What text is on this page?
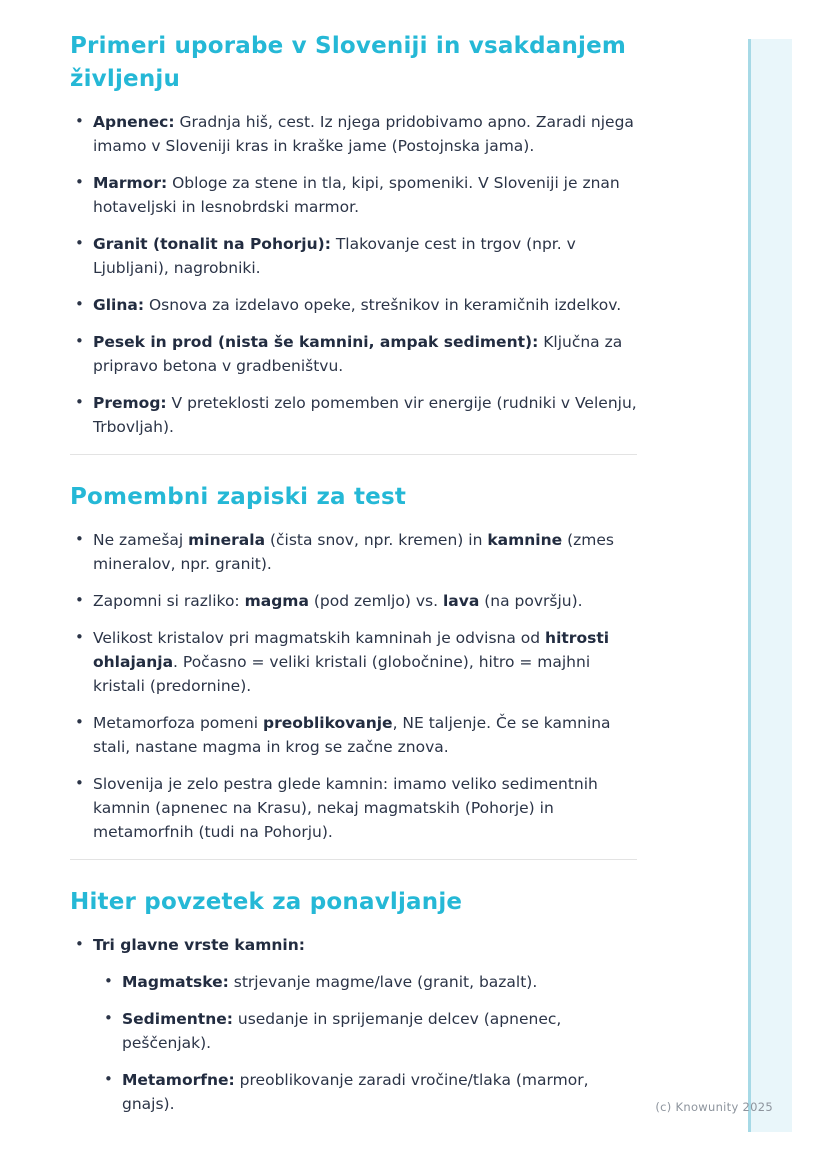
Primeri uporabe v Sloveniji in vsakdanjem življenju
• Apnenec: Gradnja hiš, cest. Iz njega pridobivamo apno. Zaradi njega imamo v Sloveniji kras in kraške jame (Postojnska jama).
• Marmor: Obloge za stene in tla, kipi, spomeniki. V Sloveniji je znan hotaveljski in lesnobrdski marmor.
• Granit (tonalit na Pohorju): Tlakovanje cest in trgov (npr. v Ljubljani), nagrobniki.
• Glina: Osnova za izdelavo opeke, strešnikov in keramičnih izdelkov.
• Pesek in prod (nista še kamnini, ampak sediment): Ključna za pripravo betona v gradbeništvu.
• Premog: V preteklosti zelo pomemben vir energije (rudniki v Velenju, Trbovljah).
Pomembni zapiski za test
• Ne zamešaj minerala (čista snov, npr. kremen) in kamnine (zmes mineralov, npr. granit).
• Zapomni si razliko: magma (pod zemljo) vs. lava (na površju).
• Velikost kristalov pri magmatskih kamninah je odvisna od hitrosti ohlajanja. Počasno = veliki kristali (globočnine), hitro = majhni kristali (predornine).
• Metamorfoza pomeni preoblikovanje, NE taljenje. Če se kamnina stali, nastane magma in krog se začne znova.
• Slovenija je zelo pestra glede kamnin: imamo veliko sedimentnih kamnin (apnenec na Krasu), nekaj magmatskih (Pohorje) in metamorfnih (tudi na Pohorju).
Hiter povzetek za ponavljanje
• Tri glavne vrste kamnin:
• Magmatske: strjevanje magme/lave (granit, bazalt).
• Sedimentne: usedanje in sprijemanje delcev (apnenec, peščenjak).
• Metamorfne: preoblikovanje zaradi vročine/tlaka (marmor, gnajs).	(c) Knowunity 2025
